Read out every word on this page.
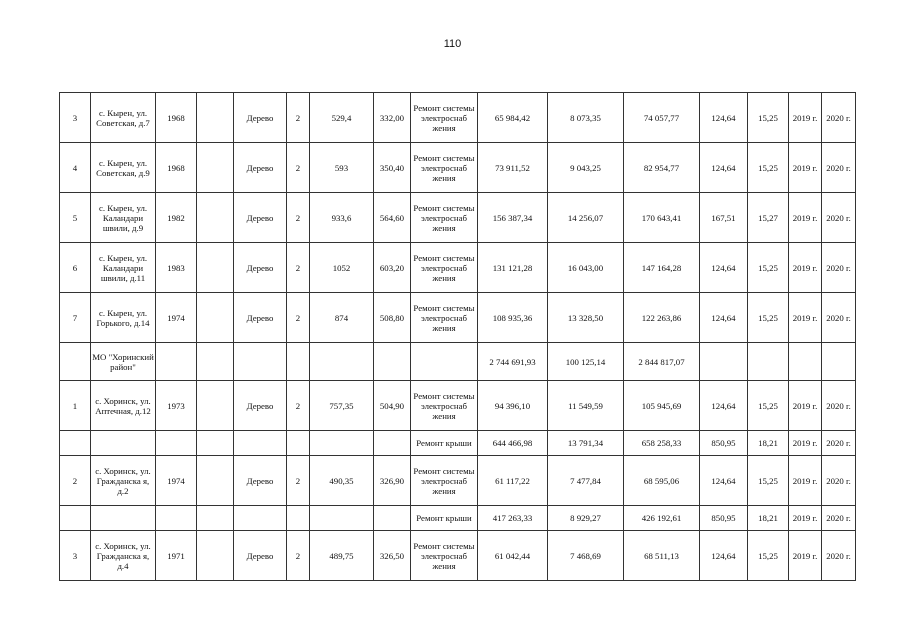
110
3	с. Кырен, ул. Советская, д.7	1968		Дерево	2	529,4	332,00	Ремонт системы электроснаб жения	65 984,42	8 073,35	74 057,77	124,64	15,25	2019 г.	2020 г.
4	с. Кырен, ул. Советская, д.9	1968		Дерево	2	593	350,40	Ремонт системы электроснаб жения	73 911,52	9 043,25	82 954,77	124,64	15,25	2019 г.	2020 г.
5	с. Кырен, ул. Каландари швили, д.9	1982		Дерево	2	933,6	564,60	Ремонт системы электроснаб жения	156 387,34	14 256,07	170 643,41	167,51	15,27	2019 г.	2020 г.
6	с. Кырен, ул. Каландари швили, д.11	1983		Дерево	2	1052	603,20	Ремонт системы электроснаб жения	131 121,28	16 043,00	147 164,28	124,64	15,25	2019 г.	2020 г.
7	с. Кырен, ул. Горького, д.14	1974		Дерево	2	874	508,80	Ремонт системы электроснаб жения	108 935,36	13 328,50	122 263,86	124,64	15,25	2019 г.	2020 г.
	МО "Хоринский район"								2 744 691,93	100 125,14	2 844 817,07				
1	с. Хоринск, ул. Аптечная, д.12	1973		Дерево	2	757,35	504,90	Ремонт системы электроснаб жения	94 396,10	11 549,59	105 945,69	124,64	15,25	2019 г.	2020 г.
								Ремонт крыши	644 466,98	13 791,34	658 258,33	850,95	18,21	2019 г.	2020 г.
2	с. Хоринск, ул. Гражданска я, д.2	1974		Дерево	2	490,35	326,90	Ремонт системы электроснаб жения	61 117,22	7 477,84	68 595,06	124,64	15,25	2019 г.	2020 г.
								Ремонт крыши	417 263,33	8 929,27	426 192,61	850,95	18,21	2019 г.	2020 г.
3	с. Хоринск, ул. Гражданска я, д.4	1971		Дерево	2	489,75	326,50	Ремонт системы электроснаб жения	61 042,44	7 468,69	68 511,13	124,64	15,25	2019 г.	2020 г.
